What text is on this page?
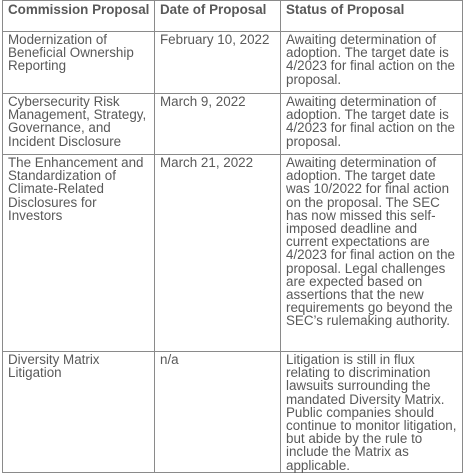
Commission Proposal	Date of Proposal	Status of Proposal
Modernization of Beneficial Ownership Reporting	February 10, 2022	Awaiting determination of adoption. The target date is 4/2023 for final action on the proposal.
Cybersecurity Risk Management, Strategy, Governance, and Incident Disclosure	March 9, 2022	Awaiting determination of adoption. The target date is 4/2023 for final action on the proposal.
The Enhancement and Standardization of Climate-Related Disclosures for Investors	March 21, 2022	Awaiting determination of adoption. The target date was 10/2022 for final action on the proposal. The SEC has now missed this self-imposed deadline and current expectations are 4/2023 for final action on the proposal. Legal challenges are expected based on assertions that the new requirements go beyond the SEC’s rulemaking authority.
Diversity Matrix Litigation	n/a	Litigation is still in flux relating to discrimination lawsuits surrounding the mandated Diversity Matrix. Public companies should continue to monitor litigation, but abide by the rule to include the Matrix as applicable.
